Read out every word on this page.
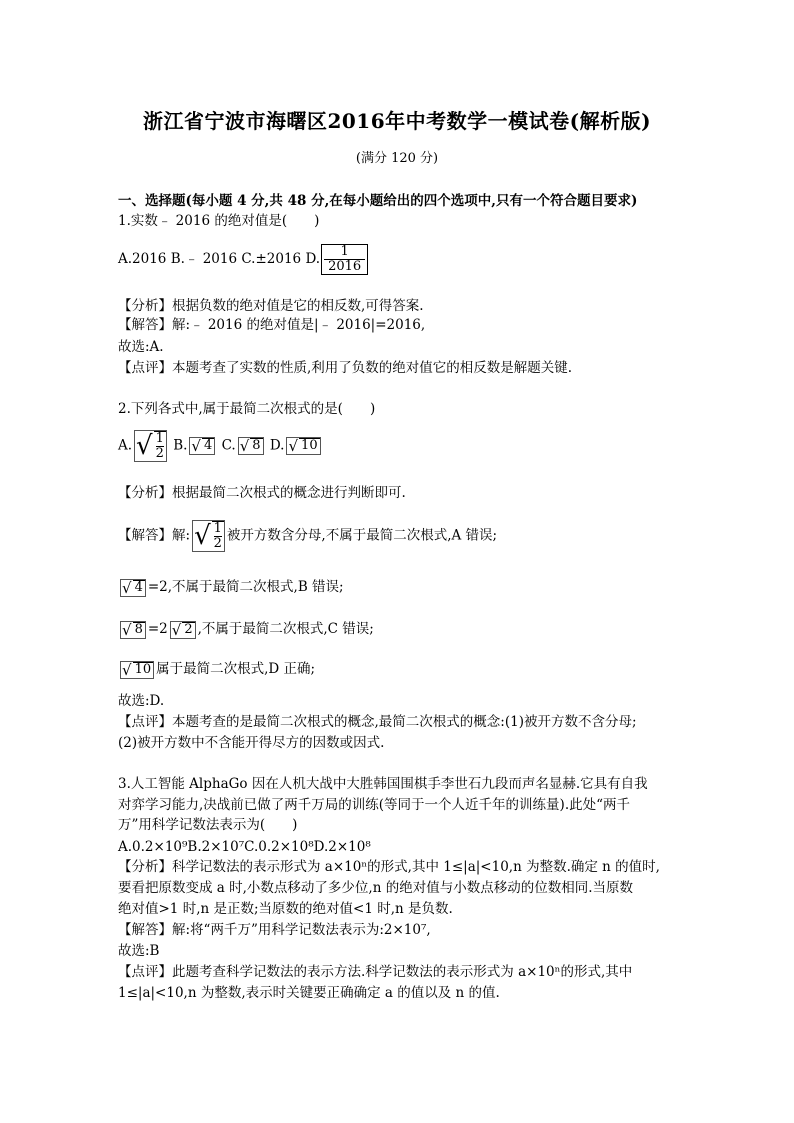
浙江省宁波市海曙区2016年中考数学一模试卷(解析版)
(满分 120 分)
一、选择题(每小题 4 分,共 48 分,在每小题给出的四个选项中,只有一个符合题目要求)
1.实数﹣ 2016 的绝对值是(　　)
A.2016 B.﹣ 2016 C.±2016 D. $\frac{1}{2016}$
【分析】根据负数的绝对值是它的相反数,可得答案.
【解答】解:﹣ 2016 的绝对值是|﹣ 2016|=2016,
故选:A.
【点评】本题考查了实数的性质,利用了负数的绝对值它的相反数是解题关键.
2.下列各式中,属于最简二次根式的是(　　)
A. √ $\frac{1}{2} B$. √ 4 C. √ 8 D. √ 10
【分析】根据最简二次根式的概念进行判断即可.
【解答】解: √ $\frac{1}{2}$ 被开方数含分母,不属于最简二次根式,A 错误;
√ 4 =2,不属于最简二次根式,B 错误;
√ 8 =2 √ 2 ,不属于最简二次根式,C 错误;
√ 10 属于最简二次根式,D 正确;
故选:D.
【点评】本题考查的是最简二次根式的概念,最简二次根式的概念:(1)被开方数不含分母;
(2)被开方数中不含能开得尽方的因数或因式.
3.人工智能 AlphaGo 因在人机大战中大胜韩国围棋手李世石九段而声名显赫.它具有自我
对弈学习能力,决战前已做了两千万局的训练(等同于一个人近千年的训练量).此处“两千
万”用科学记数法表示为(　　)
A.0.2×10⁹B.2×10⁷C.0.2×10⁸D.2×10⁸
【分析】科学记数法的表示形式为 a×10ⁿ的形式,其中 1≤|a|<10,n 为整数.确定 n 的值时,
要看把原数变成 a 时,小数点移动了多少位,n 的绝对值与小数点移动的位数相同.当原数
绝对值>1 时,n 是正数;当原数的绝对值<1 时,n 是负数.
【解答】解:将“两千万”用科学记数法表示为:2×10⁷,
故选:B
【点评】此题考查科学记数法的表示方法.科学记数法的表示形式为 a×10ⁿ的形式,其中
1≤|a|<10,n 为整数,表示时关键要正确确定 a 的值以及 n 的值.
